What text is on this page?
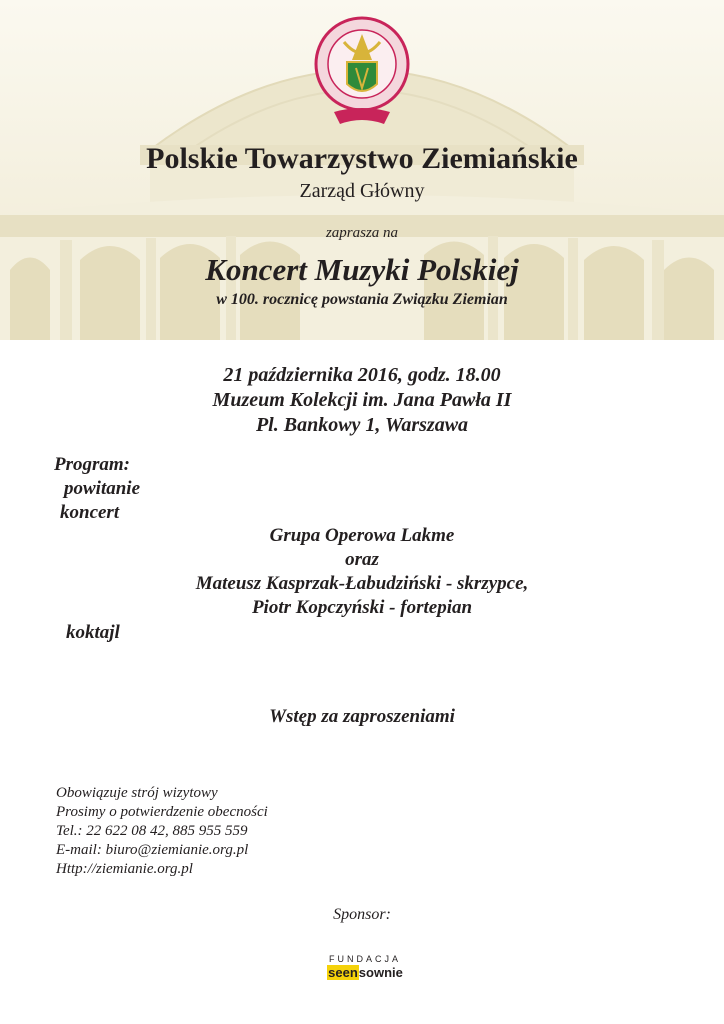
Polskie Towarzystwo Ziemiańskie
Zarząd Główny
zaprasza na
Koncert Muzyki Polskiej
w 100. rocznicę powstania Związku Ziemian
21 października 2016, godz. 18.00
Muzeum Kolekcji im. Jana Pawła II
Pl. Bankowy 1, Warszawa
Program:
powitanie
koncert
Grupa Operowa Lakme
oraz
Mateusz Kasprzak-Łabudziński - skrzypce,
Piotr Kopczyński - fortepian
koktajl
Wstęp za zaproszeniami
Obowiązuje strój wizytowy
Prosimy o potwierdzenie obecności
Tel.: 22 622 08 42, 885 955 559
E-mail: biuro@ziemianie.org.pl
Http://ziemianie.org.pl
Sponsor:
FUNDACJA
seensownie
